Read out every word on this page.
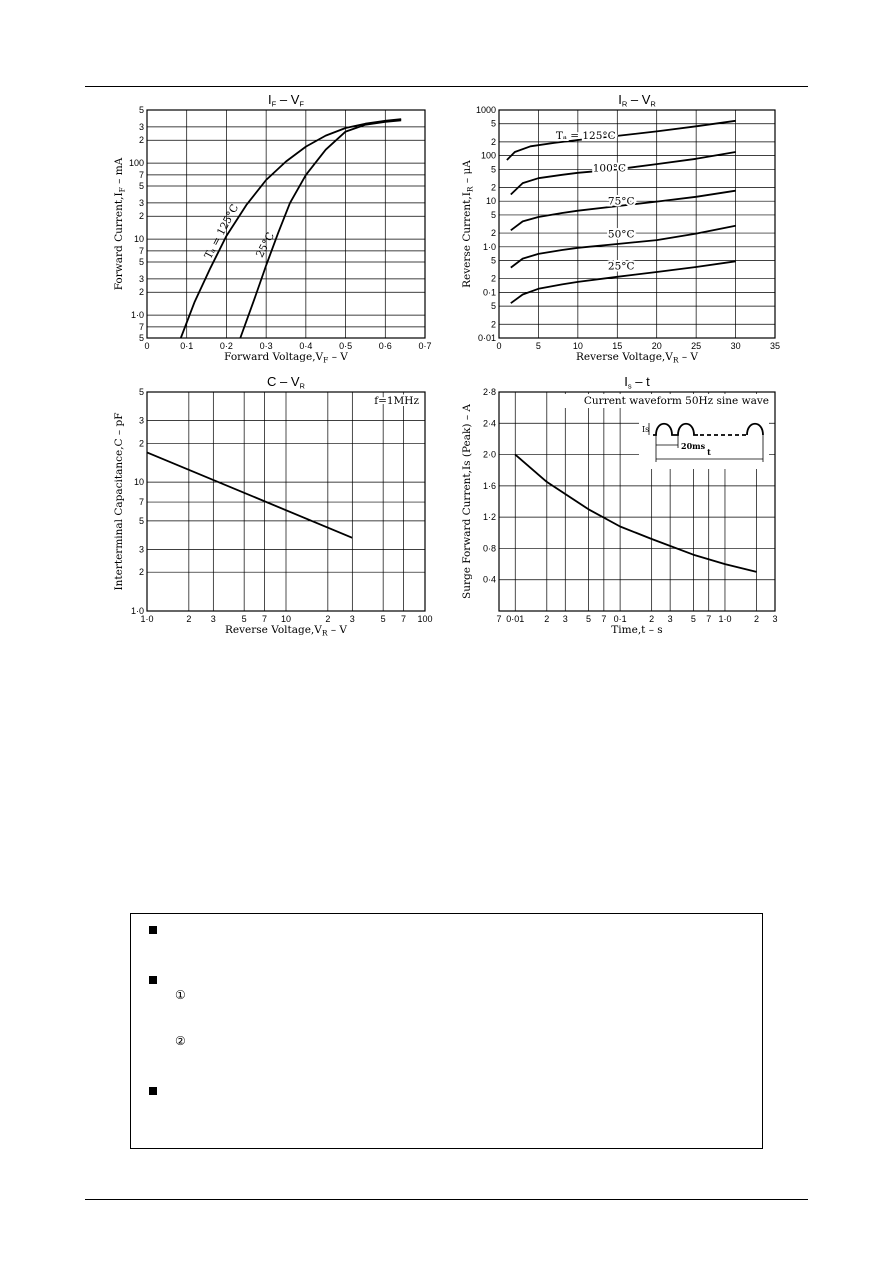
0	0·1	0·2	0·3	0·4	0·5	0·6	0·7
5
7
1·0
2
3
5
7
10
2
3
5
7
100
2
3
5
IF – VF
Forward $Voltage,V_F$ – V
Forward $Current,I_F$ – mA
Tₐ = 125°C 25°C
0	5	10	15	20	25	30	35
0·01
2
5
0·1
2
5
1·0
2
5
10
2
5
100
2
5
1000
IR – VR
Reverse $Voltage,V_R$ – V
Reverse $Current,I_R$ – μA
Tₐ = 125°C
100°C
75°C
50°C
25°C
1·0	2 3	5 7 10	2 3	5 7 100
1·0
2
3
5
7
10
2
3
5
C – VR
Reverse $Voltage,V_R$ – V
Interterminal Capacitance,C – pF
f=1MHz
7 0·01 2 3 5 7 0·1	2 3 5 7 1·0	2 3
0·4
0·8
1·2
1·6
2·0
2·4
2·8
Is – t
Time,t – s
Surge Forward Current,Is (Peak) – A
Current waveform 50Hz sine wave
Is
20ms
t
①
②
